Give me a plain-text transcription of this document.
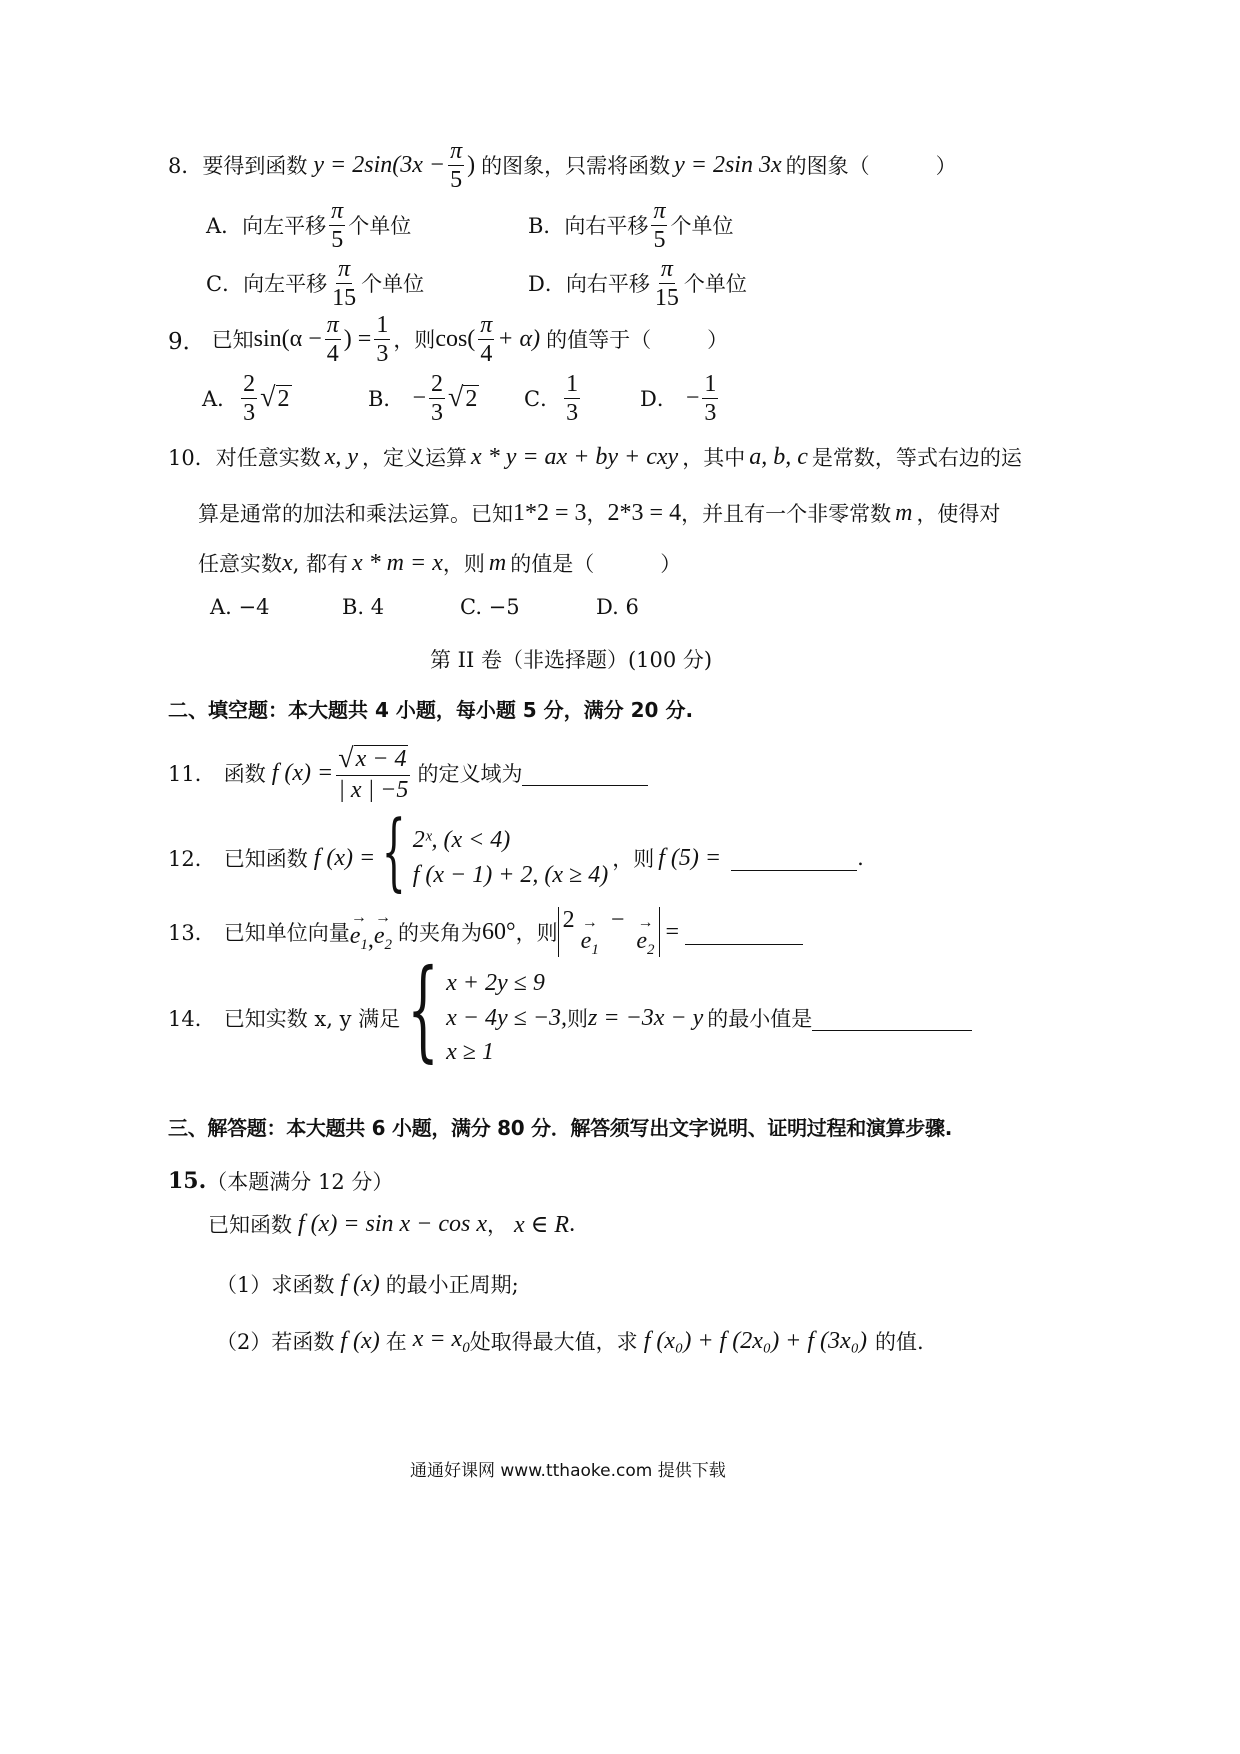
8． 要得到函数 $y = 2\sin(3x - \frac{\pi}{5}$ ) 的图象，只需将函数 y = 2sin 3x 的图象（	）
A．向左平移 $\frac{\pi}{5}$ 个单位	B．向右平移 $\frac{\pi}{5}$ 个单位
C．向左平移 $\frac{\pi}{15}$ 个单位	D．向右平移 $\frac{\pi}{15}$ 个单位
9． 已知 $\sin(\alpha - \frac{\pi}{4}$ ) = $\frac{1}{3}$ ，则 $\cos( \frac{\pi}{4} + \alpha)$ 的值等于（	）
A． $\frac{2}{3}$ √ 2	B． − $\frac{2}{3}$ √ 2 C． $\frac{1}{3}$	D． − $\frac{1}{3}$
10． 对任意实数 x, y ，定义运算 x * y = ax + by + cxy ，其中 a, b, c 是常数，等式右边的运
算是通常的加法和乘法运算。已知 1*2 = 3 ， 2*3 = 4 ，并且有一个非零常数 m ，使得对
任意实数 x , 都有 x * m = x ，则 m 的值是（	）
A. −4	B. 4	C. −5	D. 6
第 II 卷（非选择题）(100 分)
二、填空题：本大题共 4 小题，每小题 5 分，满分 20 分.
11． 函数 f $(x) = \frac{√ x - 4}{| x | -5}$ 的定义域为
12． 已知函数 f (x) = { 2ˣ, (x < 4)
f (x − 1) + 2, (x ≥ 4)
，则 f (5) =	.
13． 已知单位向量
→
$e_1$ ,
→
$e_2$ 的夹角为 60° ，则
2 →
$e_1$
− →
$e_2$
=
14． 已知实数 x, y 满足 { x + 2y ≤ 9
x − 4y ≤ −3, 则 z = −3x − y 的最小值是
x ≥ 1
三、解答题：本大题共 6 小题，满分 80 分．解答须写出文字说明、证明过程和演算步骤.
15. （本题满分 12 分）
已知函数 f (x) = sin x − cos x ， x ∈ R .
（1）求函数 f (x) 的最小正周期;
（2）若函数 f (x) 在 $x = x_0$ 处取得最大值，求 f (x₀) + f (2x₀) + f (3x₀) 的值.
通通好课网 www.tthaoke.com 提供下载
